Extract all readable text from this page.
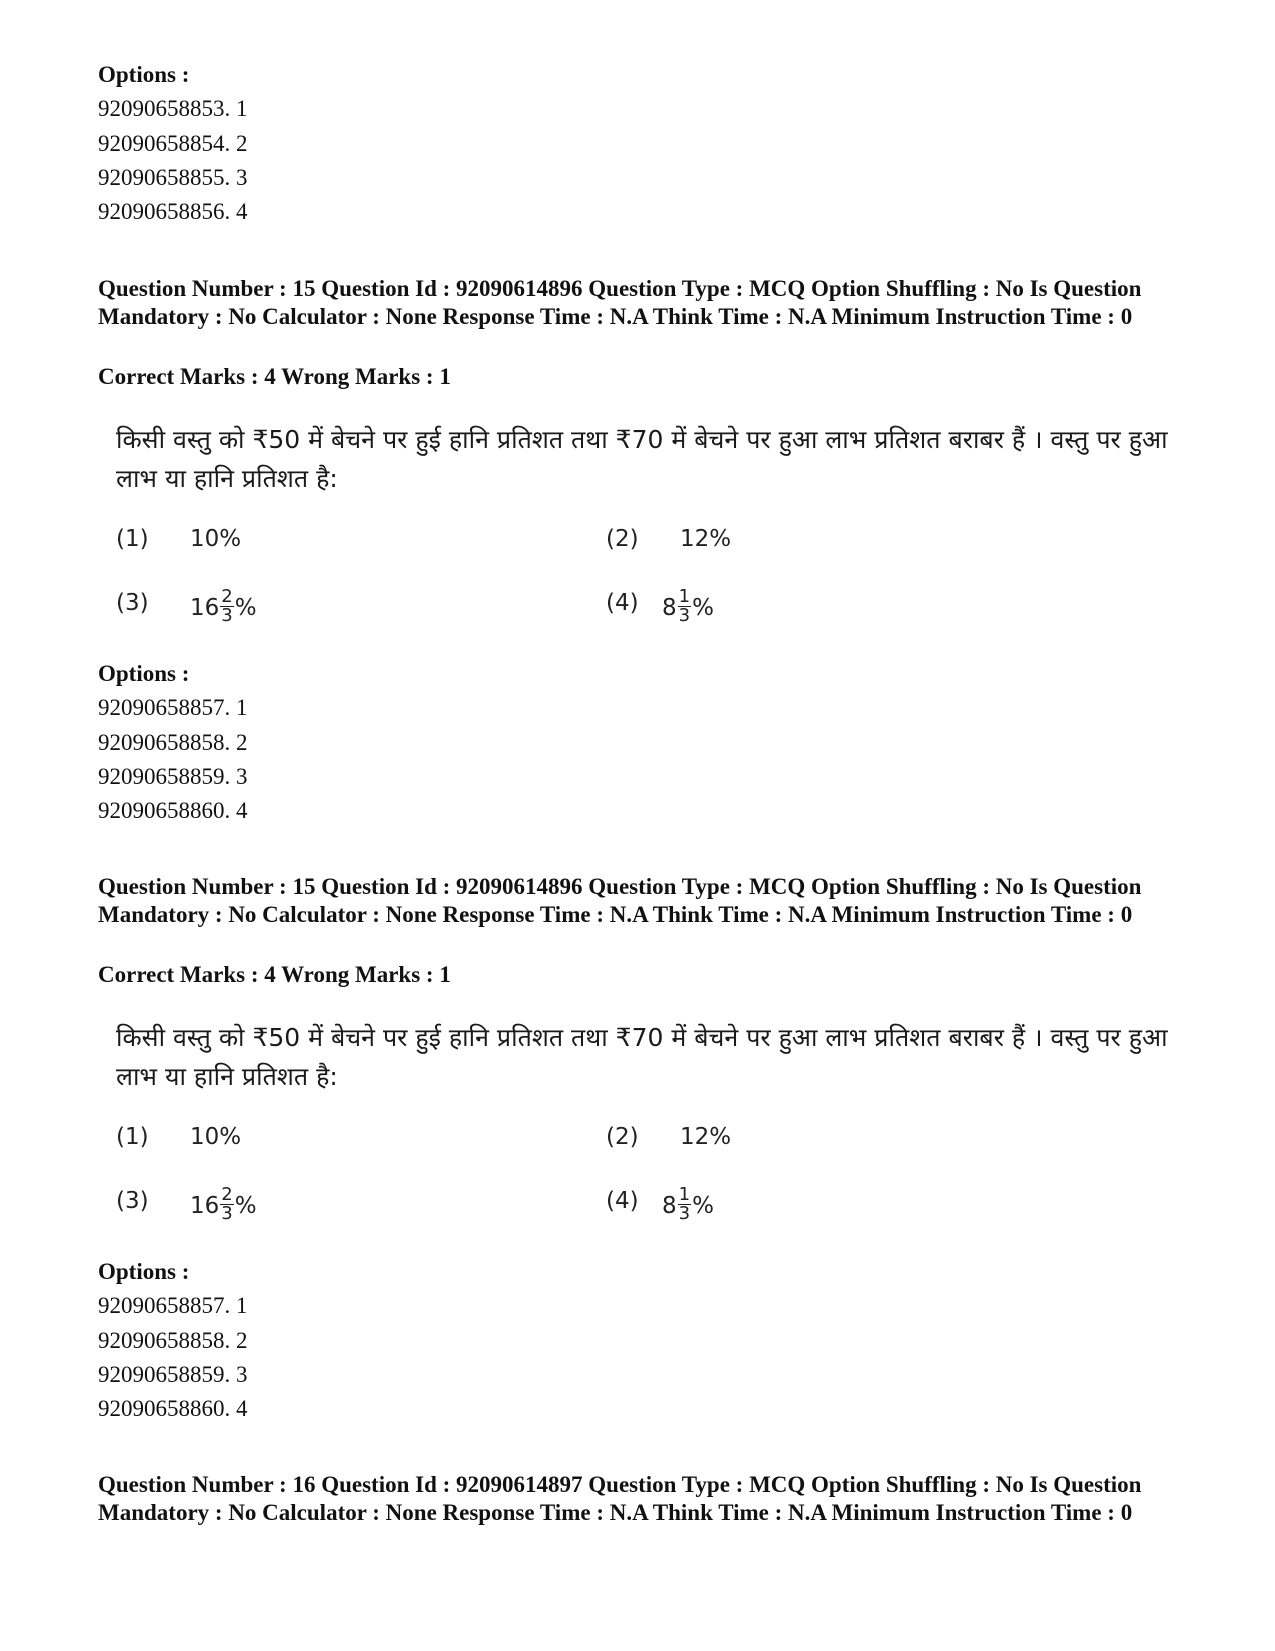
Options :
92090658853. 1
92090658854. 2
92090658855. 3
92090658856. 4
Question Number : 15 Question Id : 92090614896 Question Type : MCQ Option Shuffling : No Is Question Mandatory : No Calculator : None Response Time : N.A Think Time : N.A Minimum Instruction Time : 0
Correct Marks : 4 Wrong Marks : 1
किसी वस्तु को ₹50 में बेचने पर हुई हानि प्रतिशत तथा ₹70 में बेचने पर हुआ लाभ प्रतिशत बराबर हैं । वस्तु पर हुआ लाभ या हानि प्रतिशत है:
(1) 10%	(2) 12%
(3) $16 \frac{2}{3}$ %	(4) $8 \frac{1}{3}$ %
Options :
92090658857. 1
92090658858. 2
92090658859. 3
92090658860. 4
Question Number : 15 Question Id : 92090614896 Question Type : MCQ Option Shuffling : No Is Question Mandatory : No Calculator : None Response Time : N.A Think Time : N.A Minimum Instruction Time : 0
Correct Marks : 4 Wrong Marks : 1
किसी वस्तु को ₹50 में बेचने पर हुई हानि प्रतिशत तथा ₹70 में बेचने पर हुआ लाभ प्रतिशत बराबर हैं । वस्तु पर हुआ लाभ या हानि प्रतिशत है:
(1) 10%	(2) 12%
(3) $16 \frac{2}{3}$ %	(4) $8 \frac{1}{3}$ %
Options :
92090658857. 1
92090658858. 2
92090658859. 3
92090658860. 4
Question Number : 16 Question Id : 92090614897 Question Type : MCQ Option Shuffling : No Is Question Mandatory : No Calculator : None Response Time : N.A Think Time : N.A Minimum Instruction Time : 0
